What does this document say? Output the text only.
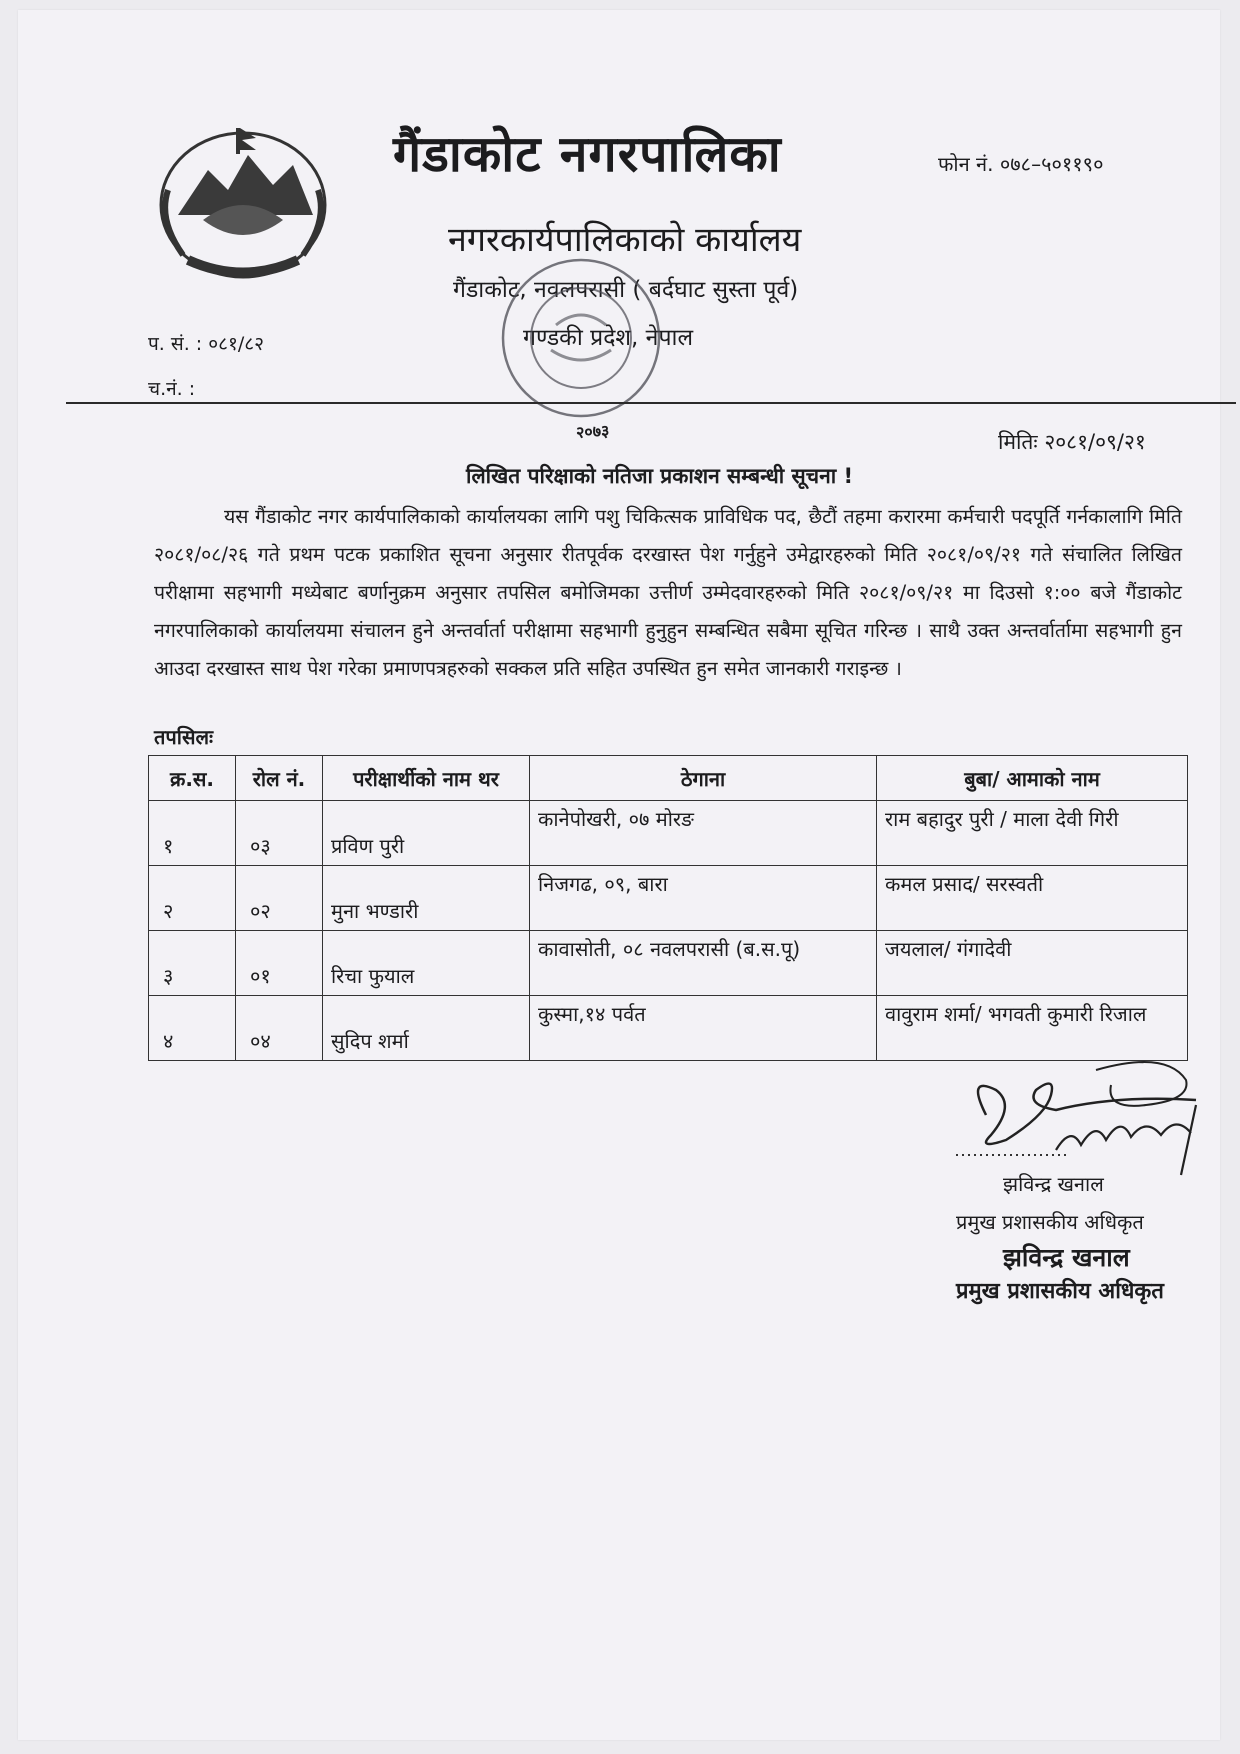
गैंडाकोट नगरपालिका	फोन नं. ०७८–५०११९०
नगरकार्यपालिकाको कार्यालय
गैंडाकोट, नवलपरासी ( बर्दघाट सुस्ता पूर्व)
गण्डकी प्रदेश, नेपाल
प. सं. : ०८१/८२
च.नं. :
२०७३	मितिः २०८१/०९/२१
लिखित परिक्षाको नतिजा प्रकाशन सम्बन्धी सूचना !
यस गैंडाकोट नगर कार्यपालिकाको कार्यालयका लागि पशु चिकित्सक प्राविधिक पद, छैटौं तहमा करारमा कर्मचारी पदपूर्ति गर्नकालागि मिति २०८१/०८/२६ गते प्रथम पटक प्रकाशित सूचना अनुसार रीतपूर्वक दरखास्त पेश गर्नुहुने उमेद्वारहरुको मिति २०८१/०९/२१ गते संचालित लिखित परीक्षामा सहभागी मध्येबाट बर्णानुक्रम अनुसार तपसिल बमोजिमका उत्तीर्ण उम्मेदवारहरुको मिति २०८१/०९/२१ मा दिउसो १:०० बजे गैंडाकोट नगरपालिकाको कार्यालयमा संचालन हुने अन्तर्वार्ता परीक्षामा सहभागी हुनुहुन सम्बन्धित सबैमा सूचित गरिन्छ । साथै उक्त अन्तर्वार्तामा सहभागी हुन आउदा दरखास्त साथ पेश गरेका प्रमाणपत्रहरुको सक्कल प्रति सहित उपस्थित हुन समेत जानकारी गराइन्छ ।
तपसिलः
क्र.स.	रोल नं.	परीक्षार्थीको नाम थर	ठेगाना	बुबा/ आमाको नाम
१	०३	प्रविण पुरी	कानेपोखरी, ०७ मोरङ	राम बहादुर पुरी / माला देवी गिरी
२	०२	मुना भण्डारी	निजगढ, ०९, बारा	कमल प्रसाद/ सरस्वती
३	०१	रिचा फुयाल	कावासोती, ०८ नवलपरासी (ब.स.पू)	जयलाल/ गंगादेवी
४	०४	सुदिप शर्मा	कुस्मा,१४ पर्वत	वावुराम शर्मा/ भगवती कुमारी रिजाल
झविन्द्र खनाल
प्रमुख प्रशासकीय अधिकृत
झविन्द्र खनाल
प्रमुख प्रशासकीय अधिकृत
